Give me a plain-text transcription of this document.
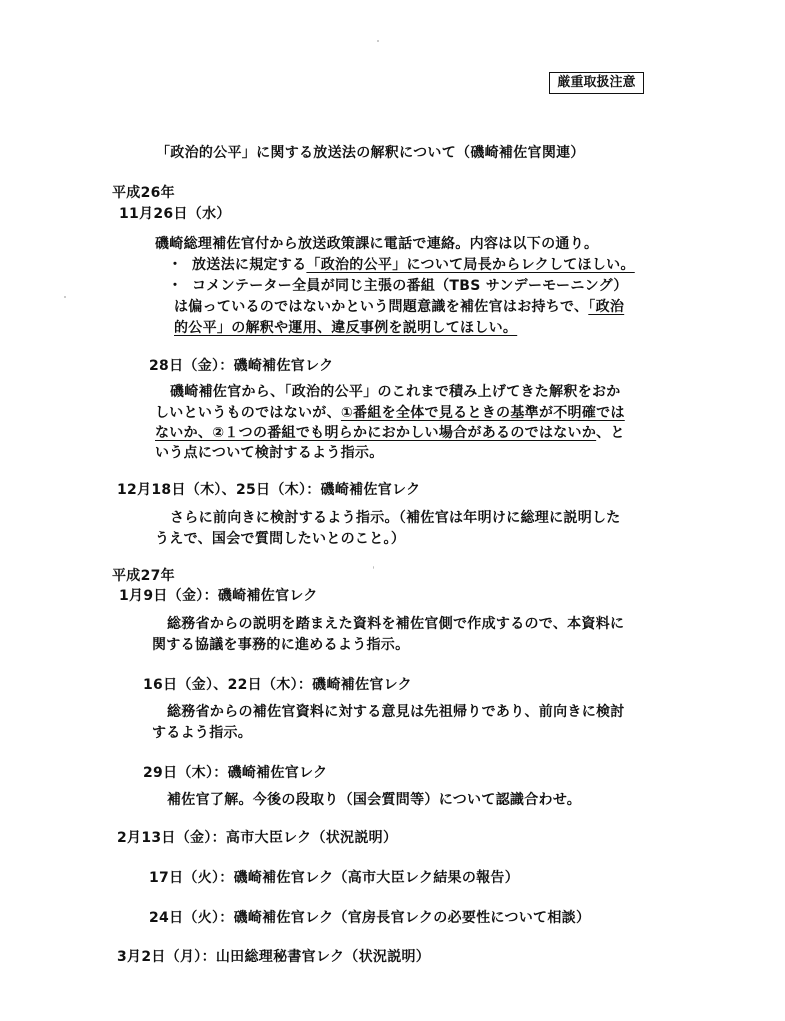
厳重取扱注意
「政治的公平」に関する放送法の解釈について（磯崎補佐官関連）
平成26年
11月26日（水）
磯崎総理補佐官付から放送政策課に電話で連絡。内容は以下の通り。
・ 放送法に規定する「政治的公平」について局長からレクしてほしい。
・ コメンテーター全員が同じ主張の番組（TBS サンデーモーニング）
は偏っているのではないかという問題意識を補佐官はお持ちで、「政治
的公平」の解釈や運用、違反事例を説明してほしい。
28日（金）：磯崎補佐官レク
磯崎補佐官から、「政治的公平」のこれまで積み上げてきた解釈をおか
しいというものではないが、①番組を全体で見るときの基準が不明確では
ないか、②１つの番組でも明らかにおかしい場合があるのではないか、と
いう点について検討するよう指示。
12月18日（木）、25日（木）：磯崎補佐官レク
さらに前向きに検討するよう指示。（補佐官は年明けに総理に説明した
うえで、国会で質問したいとのこと。）
平成27年
1月9日（金）：磯崎補佐官レク
総務省からの説明を踏まえた資料を補佐官側で作成するので、本資料に
関する協議を事務的に進めるよう指示。
16日（金）、22日（木）：磯崎補佐官レク
総務省からの補佐官資料に対する意見は先祖帰りであり、前向きに検討
するよう指示。
29日（木）：磯崎補佐官レク
補佐官了解。今後の段取り（国会質問等）について認識合わせ。
2月13日（金）：高市大臣レク（状況説明）
17日（火）：磯崎補佐官レク（高市大臣レク結果の報告）
24日（火）：磯崎補佐官レク（官房長官レクの必要性について相談）
3月2日（月）：山田総理秘書官レク（状況説明）
